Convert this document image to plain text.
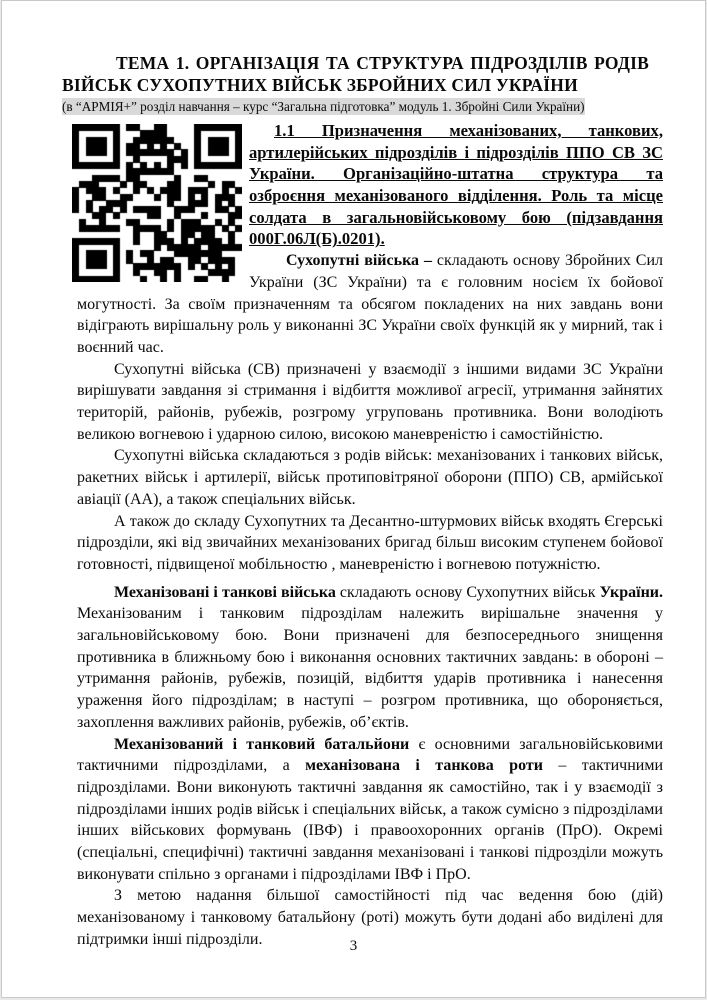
ТЕМА 1. ОРГАНІЗАЦІЯ ТА СТРУКТУРА ПІДРОЗДІЛІВ РОДІВ ВІЙСЬК СУХОПУТНИХ ВІЙСЬК ЗБРОЙНИХ СИЛ УКРАЇНИ
(в “АРМІЯ+” розділ навчання – курс “Загальна підготовка” модуль 1. Збройні Сили України)

1.1 Призначення механізованих, танкових, артилерійських підрозділів і підрозділів ППО СВ ЗС України. Організаційно-штатна структура та озброєння механізованого відділення. Роль та місце солдата в загальновійськовому бою (підзавдання 000Г.06Л(Б).0201).

Сухопутні війська – складають основу Збройних Сил України (ЗС України) та є головним носієм їх бойової могутності. За своїм призначенням та обсягом покладених на них завдань вони відіграють вирішальну роль у виконанні ЗС України своїх функцій як у мирний, так і воєнний час.

Сухопутні війська (СВ) призначені у взаємодії з іншими видами ЗС України вирішувати завдання зі стримання і відбиття можливої агресії, утримання зайнятих територій, районів, рубежів, розгрому угруповань противника. Вони володіють великою вогневою і ударною силою, високою маневреністю і самостійністю.

Сухопутні війська складаються з родів військ: механізованих і танкових військ, ракетних військ і артилерії, військ протиповітряної оборони (ППО) СВ, армійської авіації (АА), а також спеціальних військ.

А також до складу Сухопутних та Десантно-штурмових військ входять Єгерські підрозділи, які від звичайних механізованих бригад більш високим ступенем бойової готовності, підвищеної мобільностю , маневреністю і вогневою потужністю.

Механізовані і танкові війська складають основу Сухопутних військ України. Механізованим і танковим підрозділам належить вирішальне значення у загальновійськовому бою. Вони призначені для безпосереднього знищення противника в ближньому бою і виконання основних тактичних завдань: в обороні – утримання районів, рубежів, позицій, відбиття ударів противника і нанесення ураження його підрозділам; в наступі – розгром противника, що обороняється, захоплення важливих районів, рубежів, об’єктів.

Механізований і танковий батальйони є основними загальновійськовими тактичними підрозділами, а механізована і танкова роти – тактичними підрозділами. Вони виконують тактичні завдання як самостійно, так і у взаємодії з підрозділами інших родів військ і спеціальних військ, а також сумісно з підрозділами інших військових формувань (ІВФ) і правоохоронних органів (ПрО). Окремі (спеціальні, специфічні) тактичні завдання механізовані і танкові підрозділи можуть виконувати спільно з органами і підрозділами ІВФ і ПрО.

З метою надання більшої самостійності під час ведення бою (дій) механізованому і танковому батальйону (роті) можуть бути додані або виділені для підтримки інші підрозділи.	3
